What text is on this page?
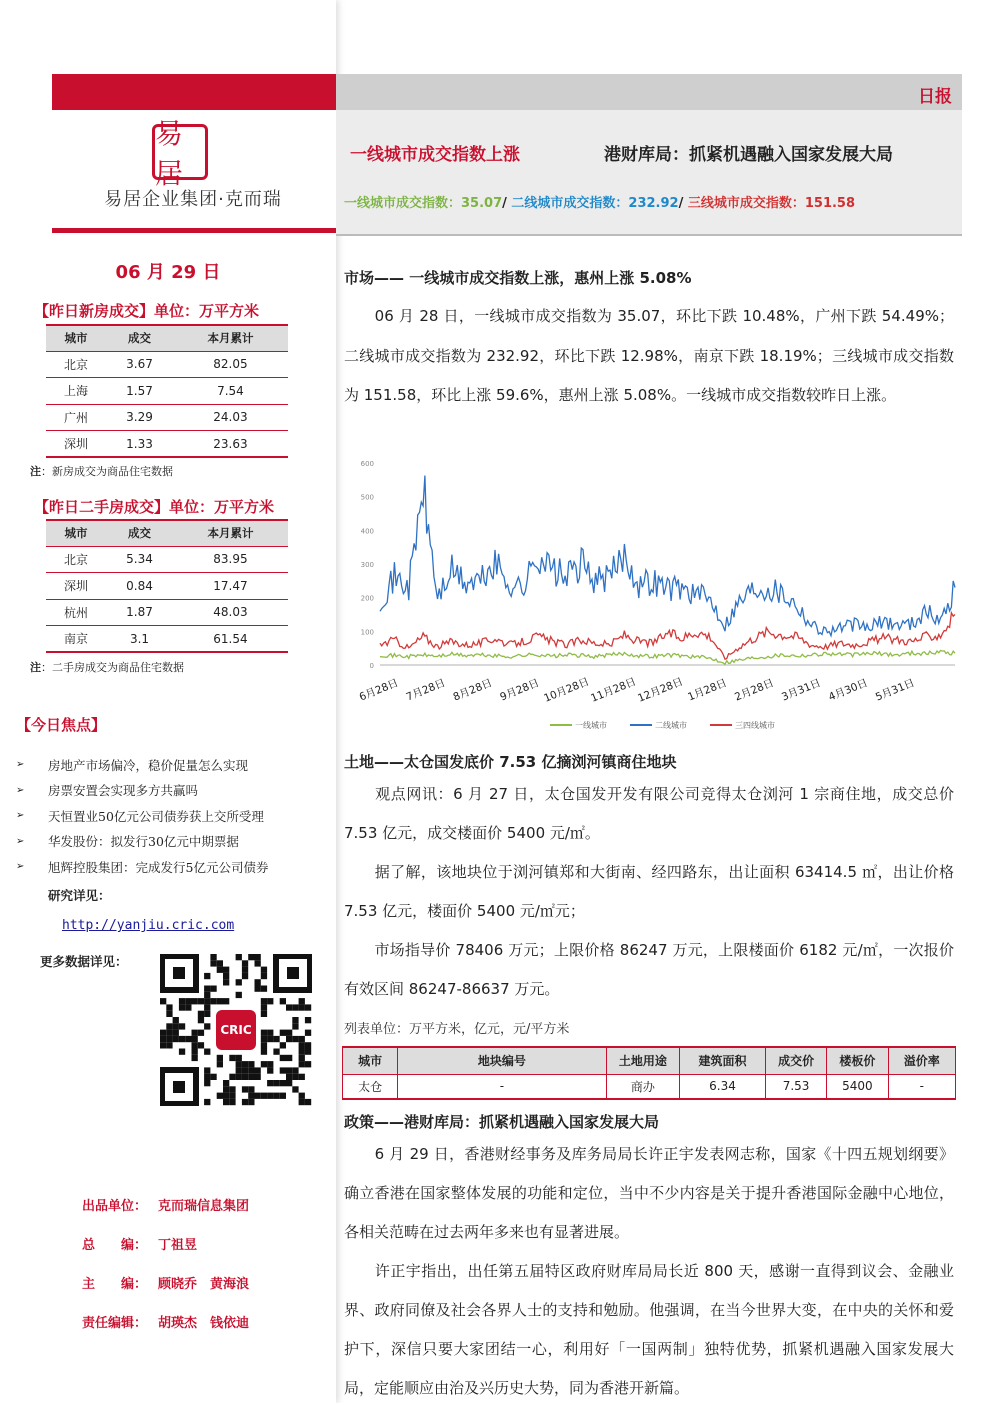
易居
易居企业集团·克而瑞
06 月 29 日
【昨日新房成交】单位：万平方米
城市	成交	本月累计
北京	3.67	82.05
上海	1.57	7.54
广州	3.29	24.03
深圳	1.33	23.63
注：新房成交为商品住宅数据
【昨日二手房成交】单位：万平方米
城市	成交	本月累计
北京	5.34	83.95
深圳	0.84	17.47
杭州	1.87	48.03
南京	3.1	61.54
注：二手房成交为商品住宅数据
【今日焦点】
➢	房地产市场偏冷，稳价促量怎么实现
➢	房票安置会实现多方共赢吗
➢	天恒置业50亿元公司债券获上交所受理
➢	华发股份：拟发行30亿元中期票据
➢	旭辉控股集团：完成发行5亿元公司债券
研究详见：
http://yanjiu.cric.com
更多数据详见：
CRIC
出品单位： 克而瑞信息集团
总　　编： 丁祖昱
主　　编： 顾晓乔　黄海浪
责任编辑： 胡瑛杰　钱依迪
日报
一线城市成交指数上涨	港财库局：抓紧机遇融入国家发展大局
一线城市成交指数：35.07/ 二线城市成交指数：232.92/ 三线城市成交指数：151.58
市场—— 一线城市成交指数上涨，惠州上涨 5.08%
　　06 月 28 日，一线城市成交指数为 35.07，环比下跌 10.48%，广州下跌 54.49%；二线城市成交指数为 232.92，环比下跌 12.98%，南京下跌 18.19%；三线城市成交指数为 151.58，环比上涨 59.6%，惠州上涨 5.08%。一线城市成交指数较昨日上涨。
0
100
200
300
400
500
600
6月28日 7月28日 8月28日 9月28日 10月28日
11月28日
12月28日 1月28日 2月28日 3月31日 4月30日 5月31日
一线城市	二线城市	三四线城市
土地——太仓国发底价 7.53 亿摘浏河镇商住地块
　　观点网讯：6 月 27 日，太仓国发开发有限公司竞得太仓浏河 1 宗商住地，成交总价 7.53 亿元，成交楼面价 5400 元/㎡。
　　据了解，该地块位于浏河镇郑和大街南、经四路东，出让面积 63414.5 ㎡，出让价格 7.53 亿元，楼面价 5400 元/㎡元；
　　市场指导价 78406 万元；上限价格 86247 万元，上限楼面价 6182 元/㎡，一次报价有效区间 86247-86637 万元。
列表单位：万平方米，亿元，元/平方米
城市	地块编号	土地用途	建筑面积	成交价	楼板价	溢价率
太仓	-	商办	6.34	7.53	5400	-
政策——港财库局：抓紧机遇融入国家发展大局
　　6 月 29 日，香港财经事务及库务局局长许正宇发表网志称，国家《十四五规划纲要》确立香港在国家整体发展的功能和定位，当中不少内容是关于提升香港国际金融中心地位，各相关范畴在过去两年多来也有显著进展。
　　许正宇指出，出任第五届特区政府财库局局长近 800 天，感谢一直得到议会、金融业界、政府同僚及社会各界人士的支持和勉励。他强调，在当今世界大变，在中央的关怀和爱护下，深信只要大家团结一心，利用好「一国两制」独特优势，抓紧机遇融入国家发展大局，定能顺应由治及兴历史大势，同为香港开新篇。
